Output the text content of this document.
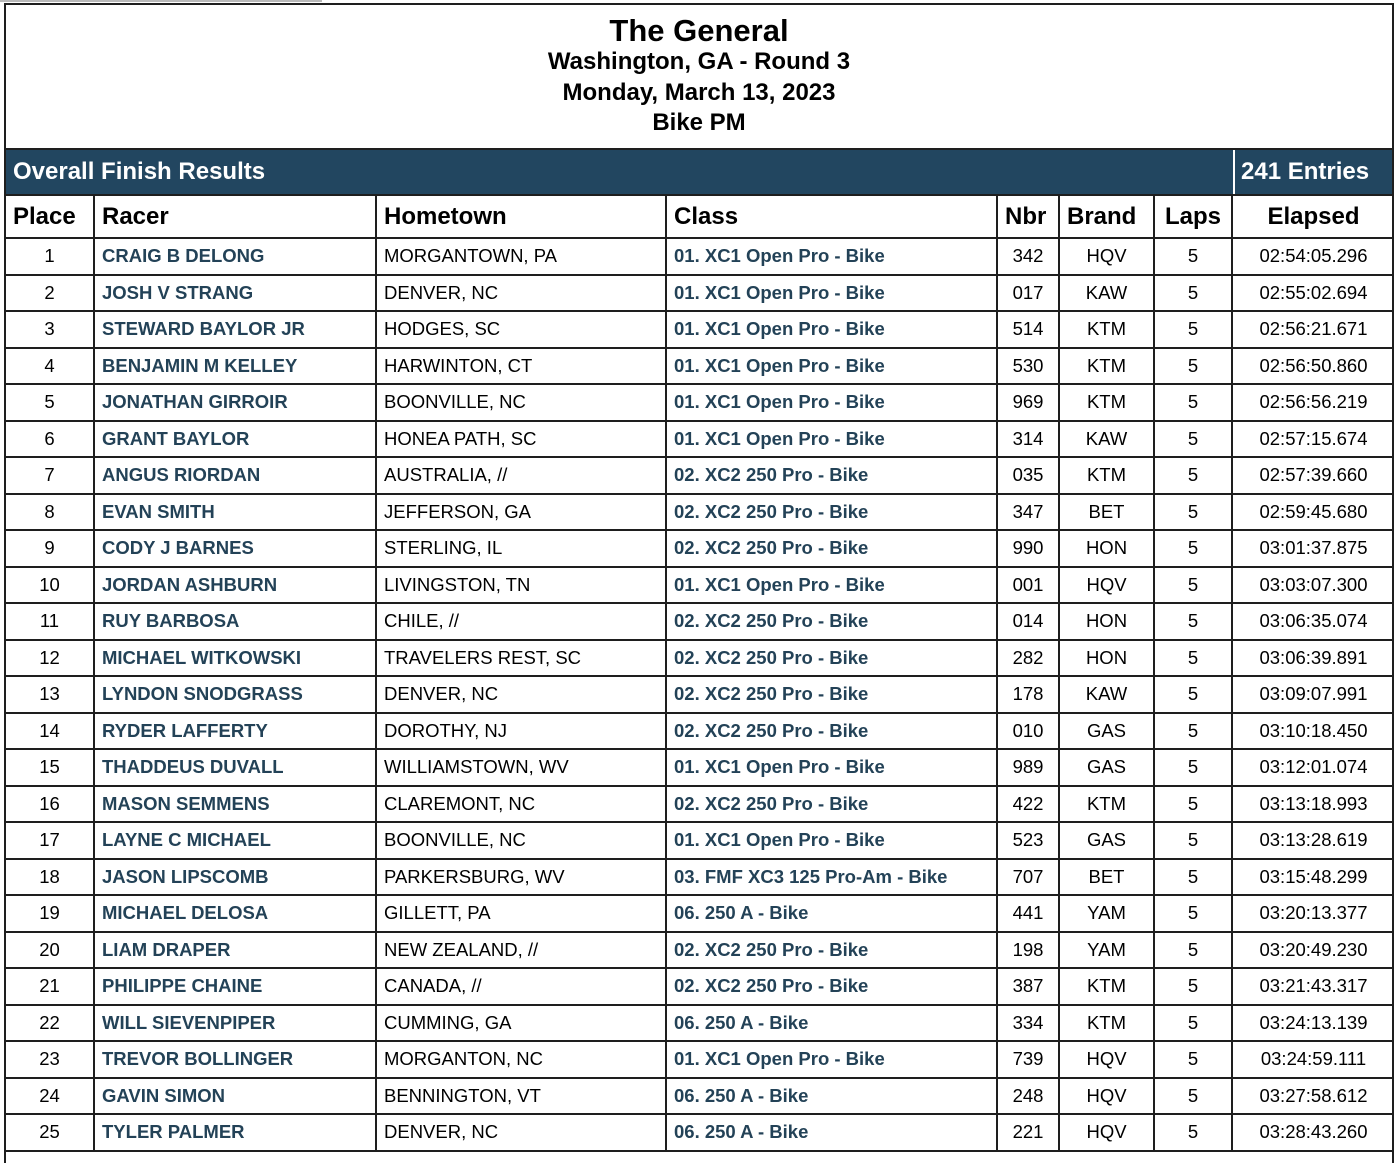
The General
Washington, GA - Round 3
Monday, March 13, 2023
Bike PM
Overall Finish Results	241 Entries
Place	Racer	Hometown	Class	Nbr	Brand	Laps	Elapsed
1	CRAIG B DELONG	MORGANTOWN, PA	01. XC1 Open Pro - Bike	342	HQV	5	02:54:05.296
2	JOSH V STRANG	DENVER, NC	01. XC1 Open Pro - Bike	017	KAW	5	02:55:02.694
3	STEWARD BAYLOR JR	HODGES, SC	01. XC1 Open Pro - Bike	514	KTM	5	02:56:21.671
4	BENJAMIN M KELLEY	HARWINTON, CT	01. XC1 Open Pro - Bike	530	KTM	5	02:56:50.860
5	JONATHAN GIRROIR	BOONVILLE, NC	01. XC1 Open Pro - Bike	969	KTM	5	02:56:56.219
6	GRANT BAYLOR	HONEA PATH, SC	01. XC1 Open Pro - Bike	314	KAW	5	02:57:15.674
7	ANGUS RIORDAN	AUSTRALIA, //	02. XC2 250 Pro - Bike	035	KTM	5	02:57:39.660
8	EVAN SMITH	JEFFERSON, GA	02. XC2 250 Pro - Bike	347	BET	5	02:59:45.680
9	CODY J BARNES	STERLING, IL	02. XC2 250 Pro - Bike	990	HON	5	03:01:37.875
10	JORDAN ASHBURN	LIVINGSTON, TN	01. XC1 Open Pro - Bike	001	HQV	5	03:03:07.300
11	RUY BARBOSA	CHILE, //	02. XC2 250 Pro - Bike	014	HON	5	03:06:35.074
12	MICHAEL WITKOWSKI	TRAVELERS REST, SC	02. XC2 250 Pro - Bike	282	HON	5	03:06:39.891
13	LYNDON SNODGRASS	DENVER, NC	02. XC2 250 Pro - Bike	178	KAW	5	03:09:07.991
14	RYDER LAFFERTY	DOROTHY, NJ	02. XC2 250 Pro - Bike	010	GAS	5	03:10:18.450
15	THADDEUS DUVALL	WILLIAMSTOWN, WV	01. XC1 Open Pro - Bike	989	GAS	5	03:12:01.074
16	MASON SEMMENS	CLAREMONT, NC	02. XC2 250 Pro - Bike	422	KTM	5	03:13:18.993
17	LAYNE C MICHAEL	BOONVILLE, NC	01. XC1 Open Pro - Bike	523	GAS	5	03:13:28.619
18	JASON LIPSCOMB	PARKERSBURG, WV	03. FMF XC3 125 Pro-Am - Bike	707	BET	5	03:15:48.299
19	MICHAEL DELOSA	GILLETT, PA	06. 250 A - Bike	441	YAM	5	03:20:13.377
20	LIAM DRAPER	NEW ZEALAND, //	02. XC2 250 Pro - Bike	198	YAM	5	03:20:49.230
21	PHILIPPE CHAINE	CANADA, //	02. XC2 250 Pro - Bike	387	KTM	5	03:21:43.317
22	WILL SIEVENPIPER	CUMMING, GA	06. 250 A - Bike	334	KTM	5	03:24:13.139
23	TREVOR BOLLINGER	MORGANTON, NC	01. XC1 Open Pro - Bike	739	HQV	5	03:24:59.111
24	GAVIN SIMON	BENNINGTON, VT	06. 250 A - Bike	248	HQV	5	03:27:58.612
25	TYLER PALMER	DENVER, NC	06. 250 A - Bike	221	HQV	5	03:28:43.260
